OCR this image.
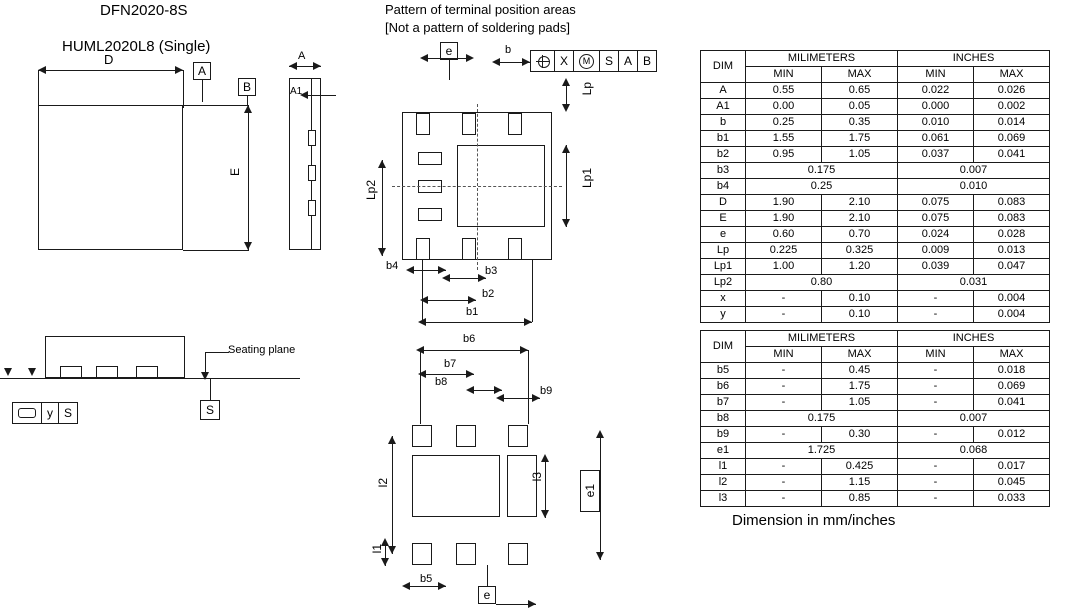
DFN2020-8S
HUML2020L8 (Single)
Pattern of terminal position areas
[Not a pattern of soldering pads]
D
E
A
B
A
A1
Lp2
Seating plane
y S	S
X	M	S A B
e	b
Lp
Lp1
b4	b3
b2
b1
b6
b7
b8
b9
l2
l1
l3
e1
b5
e
DIM	MILIMETERS		INCHES	
	MIN	MAX	MIN	MAX
A	0.55	0.65	0.022	0.026
A1	0.00	0.05	0.000	0.002
b	0.25	0.35	0.010	0.014
b1	1.55	1.75	0.061	0.069
b2	0.95	1.05	0.037	0.041
b3	0.175		0.007	
b4	0.25		0.010	
D	1.90	2.10	0.075	0.083
E	1.90	2.10	0.075	0.083
e	0.60	0.70	0.024	0.028
Lp	0.225	0.325	0.009	0.013
Lp1	1.00	1.20	0.039	0.047
Lp2	0.80		0.031	
x	-	0.10	-	0.004
y	-	0.10	-	0.004
DIM	MILIMETERS		INCHES	
	MIN	MAX	MIN	MAX
b5	-	0.45	-	0.018
b6	-	1.75	-	0.069
b7	-	1.05	-	0.041
b8	0.175		0.007	
b9	-	0.30	-	0.012
e1	1.725		0.068	
l1	-	0.425	-	0.017
l2	-	1.15	-	0.045
l3	-	0.85	-	0.033
Dimension in mm/inches
